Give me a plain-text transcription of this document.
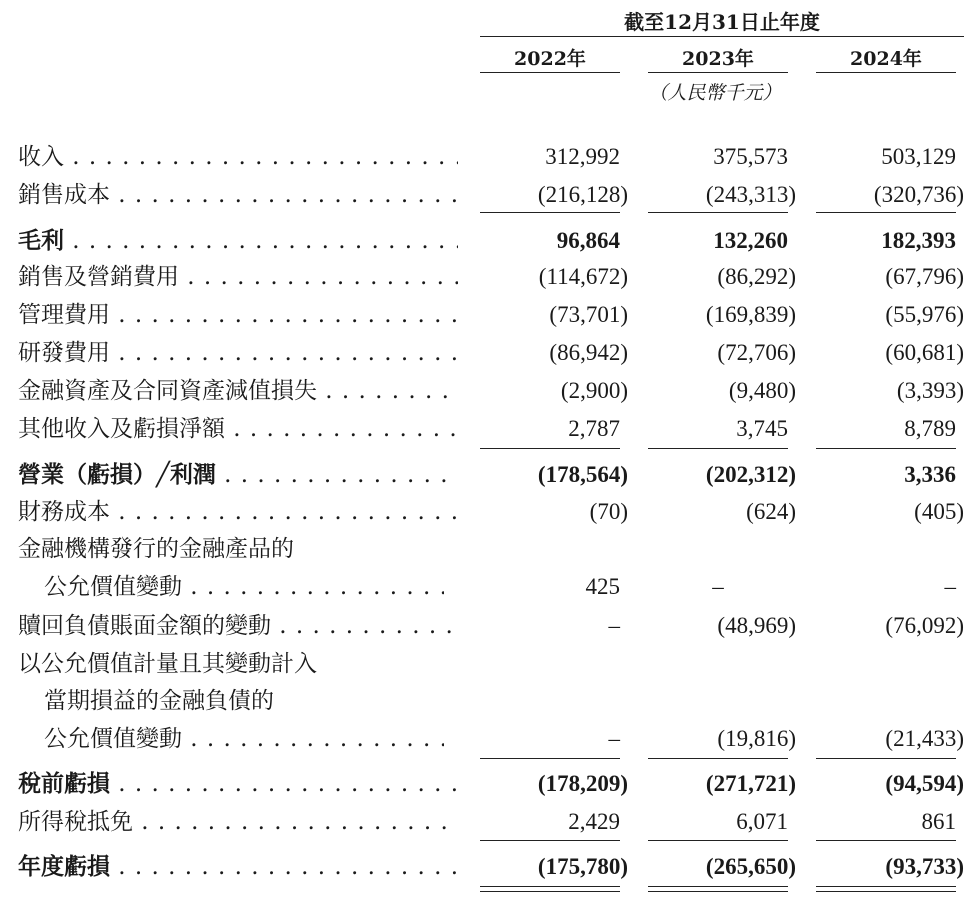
截至12月31日止年度
2022年	2023年	2024年
（人民幣千元）
收入 . . .	312,992	375,573	503,129
銷售成本 . . .	(216,128)	(243,313)	(320,736)
毛利 . . .	96,864	132,260	182,393
銷售及營銷費用 . . .	(114,672)	(86,292)	(67,796)
管理費用 . . .	(73,701)	(169,839)	(55,976)
研發費用 . . .	(86,942)	(72,706)	(60,681)
金融資產及合同資產減值損失 . . .	(2,900)	(9,480)	(3,393)
其他收入及虧損淨額 . . .	2,787	3,745	8,789
營業（虧損）╱利潤 . . .	(178,564)	(202,312)	3,336
財務成本 . . .	(70)	(624)	(405)
金融機構發行的金融產品的
公允價值變動 . . .	425	–	–
贖回負債賬面金額的變動 . . .	–	(48,969)	(76,092)
以公允價值計量且其變動計入
當期損益的金融負債的
公允價值變動 . . .	–	(19,816)	(21,433)
稅前虧損 . . .	(178,209)	(271,721)	(94,594)
所得稅抵免 . . .	2,429	6,071	861
年度虧損 . . .	(175,780)	(265,650)	(93,733)
